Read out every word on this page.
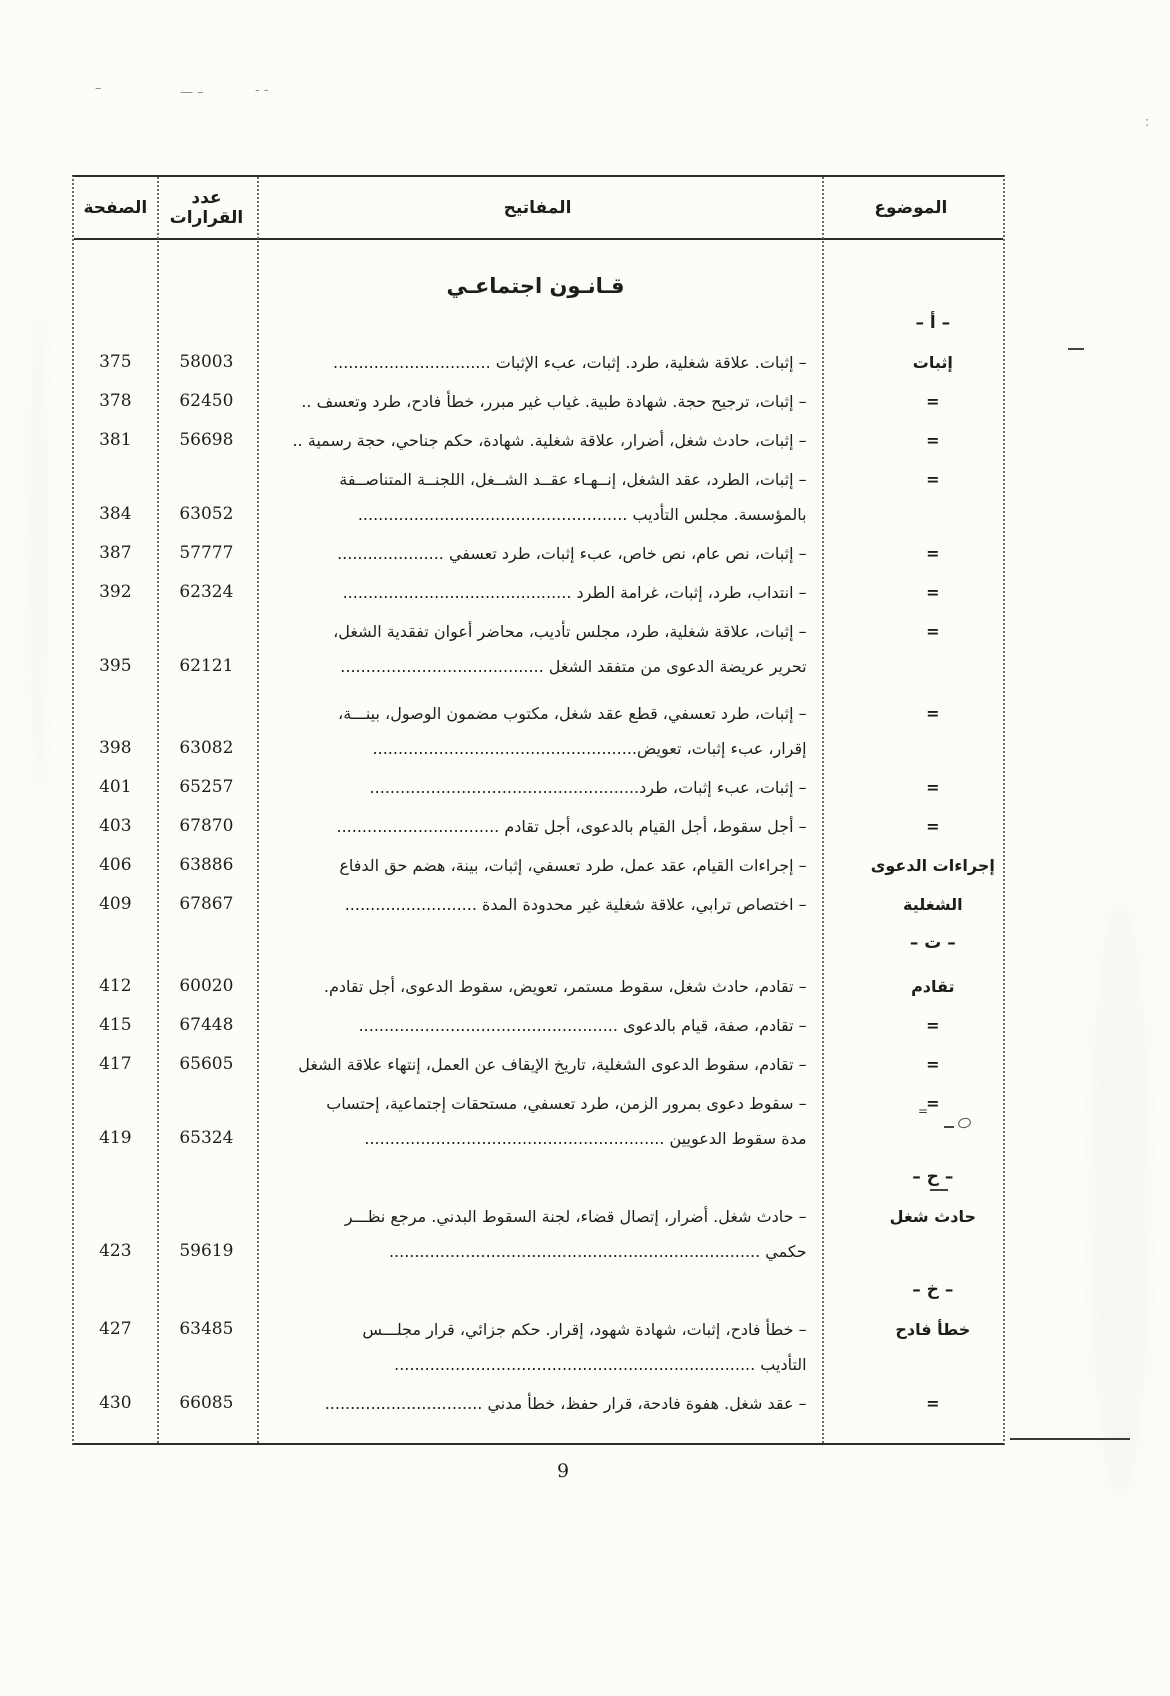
–	— –	- -
:
الموضوع
المفاتيح
عدد
القرارات
الصفحة
قـانـون اجتماعـي
– أ –
إثبات
– إثبات. علاقة شغلية، طرد. إثبات، عبء الإثبات ...............................
58003
375
=
– إثبات، ترجيح حجة. شهادة طبية. غياب غير مبرر، خطأ فادح، طرد وتعسف ..
62450
378
=
– إثبات، حادث شغل، أضرار، علاقة شغلية. شهادة، حكم جناحي، حجة رسمية ..
56698
381
=
– إثبات، الطرد، عقد الشغل، إنــهـاء عقــد الشــغل، اللجنــة المتناصــفة
بالمؤسسة. مجلس التأديب .....................................................
63052
384
=
– إثبات، نص عام، نص خاص، عبء إثبات، طرد تعسفي .....................
57777
387
=
– انتداب، طرد، إثبات، غرامة الطرد .............................................
62324
392
=
– إثبات، علاقة شغلية، طرد، مجلس تأديب، محاضر أعوان تفقدية الشغل،
تحرير عريضة الدعوى من متفقد الشغل ........................................
62121
395
=
– إثبات، طرد تعسفي، قطع عقد شغل، مكتوب مضمون الوصول، بينـــة،
إقرار، عبء إثبات، تعويض....................................................
63082
398
=
– إثبات، عبء إثبات، طرد.....................................................
65257
401
=
– أجل سقوط، أجل القيام بالدعوى، أجل تقادم ................................
67870
403
إجراءات الدعوى
– إجراءات القيام، عقد عمل، طرد تعسفي، إثبات، بينة، هضم حق الدفاع
63886
406
الشغلية
– اختصاص ترابي، علاقة شغلية غير محدودة المدة ..........................
67867
409
– ت –
تقادم
– تقادم، حادث شغل، سقوط مستمر، تعويض، سقوط الدعوى، أجل تقادم.
60020
412
=
– تقادم، صفة، قيام بالدعوى ...................................................
67448
415
=
– تقادم، سقوط الدعوى الشغلية، تاريخ الإيقاف عن العمل، إنتهاء علاقة الشغل
65605
417
=
– سقوط دعوى بمرور الزمن، طرد تعسفي، مستحقات إجتماعية، إحتساب
مدة سقوط الدعويين ...........................................................
65324
419
– ح –
حادث شغل
– حادث شغل. أضرار، إتصال قضاء، لجنة السقوط البدني. مرجع نظـــر
حكمي .........................................................................
59619
423
– خ –
خطأ فادح
– خطأ فادح، إثبات، شهادة شهود، إقرار. حكم جزائي، قرار مجلـــس
التأديب .......................................................................
63485
427
=
– عقد شغل. هفوة فادحة، قرار حفظ، خطأ مدني ...............................
66085
430
=
9
